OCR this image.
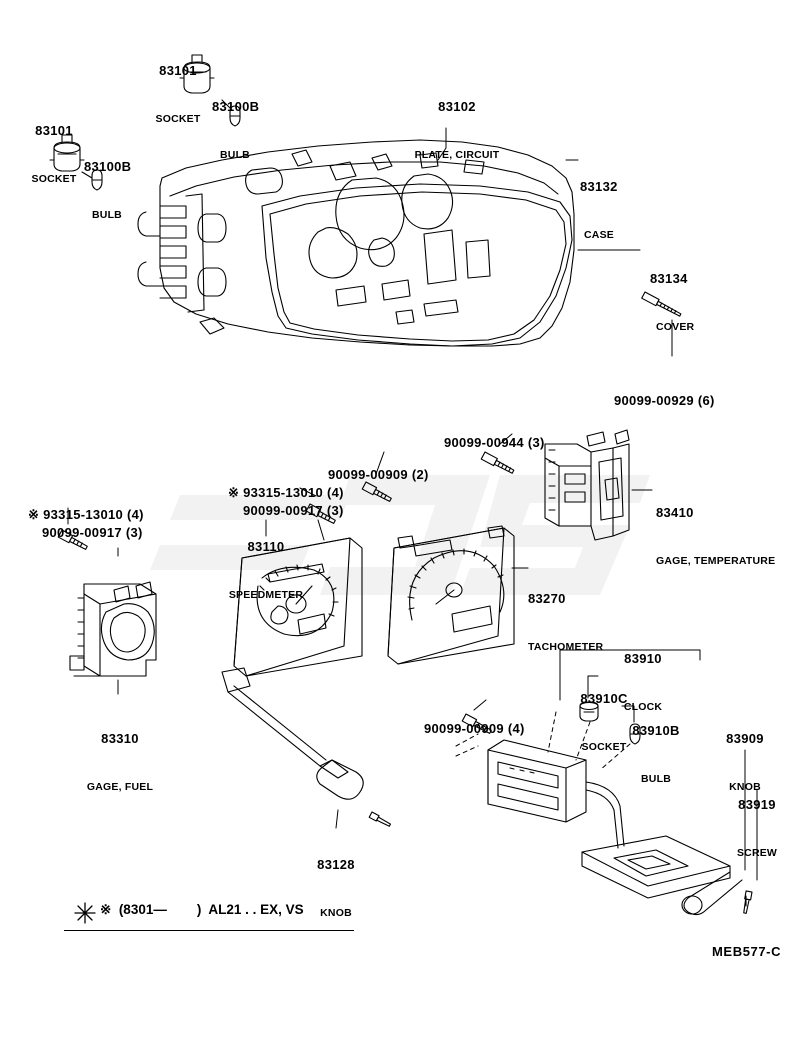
83101

SOCKET

83100B

BULB

83101

SOCKET

83100B

BULB

83102

PLATE, CIRCUIT

83132

CASE

83134

COVER

90099-00929 (6)

90099-00944 (3)

90099-00909 (2)

※ 93315-13010 (4)

90099-00917 (3)

※ 93315-13010 (4)

90099-00917 (3)

83110

SPEEDMETER

	83270

TACHOMETER

83410

GAGE, TEMPERATURE

83310

GAGE, FUEL

83128

KNOB

90099-00909 (4)

83910

CLOCK

83910C

SOCKET

83910B

BULB

83909

KNOB

83919

SCREW

※  (8301—        )  AL21 . . EX, VS
MEB577-C
